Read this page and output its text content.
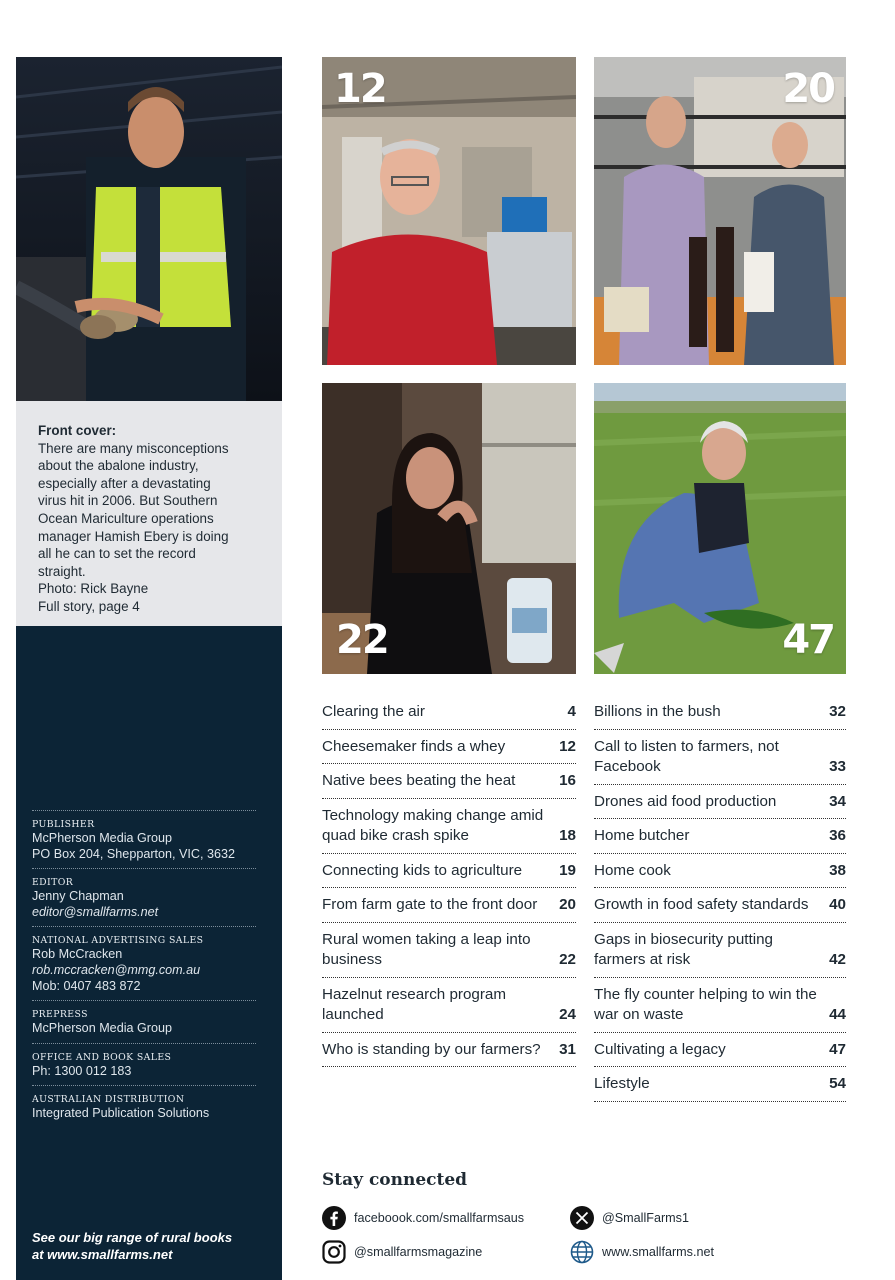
Front cover:
There are many misconceptions
about the abalone industry,
especially after a devastating
virus hit in 2006. But Southern
Ocean Mariculture operations
manager Hamish Ebery is doing
all he can to set the record
straight.
Photo: Rick Bayne
Full story, page 4
PUBLISHER
McPherson Media Group
PO Box 204, Shepparton, VIC, 3632
EDITOR
Jenny Chapman
editor@smallfarms.net
NATIONAL ADVERTISING SALES
Rob McCracken
rob.mccracken@mmg.com.au
Mob: 0407 483 872
PREPRESS
McPherson Media Group
OFFICE AND BOOK SALES
Ph: 1300 012 183
AUSTRALIAN DISTRIBUTION
Integrated Publication Solutions
See our big range of rural books
at www.smallfarms.net
12	20
22	47
Clearing the air	4
Cheesemaker finds a whey	12
Native bees beating the heat	16
Technology making change amid quad bike crash spike	18
Connecting kids to agriculture	19
From farm gate to the front door	20
Rural women taking a leap into business	22
Hazelnut research program launched	24
Who is standing by our farmers?	31
Billions in the bush	32
Call to listen to farmers, not Facebook	33
Drones aid food production	34
Home butcher	36
Home cook	38
Growth in food safety standards	40
Gaps in biosecurity putting farmers at risk	42
The fly counter helping to win the war on waste	44
Cultivating a legacy	47
Lifestyle	54
Stay connected
faceboook.com/smallfarmsaus	@SmallFarms1
@smallfarmsmagazine	www.smallfarms.net
